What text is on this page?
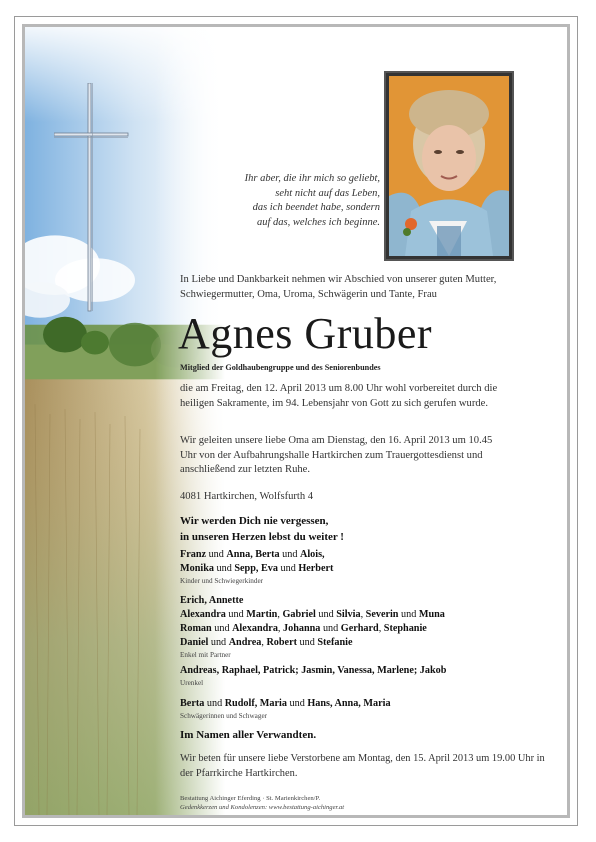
Ihr aber, die ihr mich so geliebt,
seht nicht auf das Leben,
das ich beendet habe, sondern
auf das, welches ich beginne.
In Liebe und Dankbarkeit nehmen wir Abschied von unserer guten Mutter, Schwiegermutter, Oma, Uroma, Schwägerin und Tante, Frau
Agnes Gruber
Mitglied der Goldhaubengruppe und des Seniorenbundes
die am Freitag, den 12. April 2013 um 8.00 Uhr wohl vorbereitet durch die heiligen Sakramente, im 94. Lebensjahr von Gott zu sich gerufen wurde.
Wir geleiten unsere liebe Oma am Dienstag, den 16. April 2013 um 10.45 Uhr von der Aufbahrungshalle Hartkirchen zum Trauergottesdienst und anschließend zur letzten Ruhe.
4081 Hartkirchen, Wolfsfurth 4
Wir werden Dich nie vergessen,
in unseren Herzen lebst du weiter !
Franz und Anna, Berta und Alois,
Monika und Sepp, Eva und Herbert
Kinder und Schwiegerkinder
Erich, Annette
Alexandra und Martin, Gabriel und Silvia, Severin und Muna
Roman und Alexandra, Johanna und Gerhard, Stephanie
Daniel und Andrea, Robert und Stefanie
Enkel mit Partner
Andreas, Raphael, Patrick; Jasmin, Vanessa, Marlene; Jakob
Urenkel
Berta und Rudolf, Maria und Hans, Anna, Maria
Schwägerinnen und Schwager
Im Namen aller Verwandten.
Wir beten für unsere liebe Verstorbene am Montag, den 15. April 2013 um 19.00 Uhr in der Pfarrkirche Hartkirchen.
Bestattung Aichinger Eferding · St. Marienkirchen/P.
Gedenkkerzen und Kondolenzen: www.bestattung-aichinger.at
